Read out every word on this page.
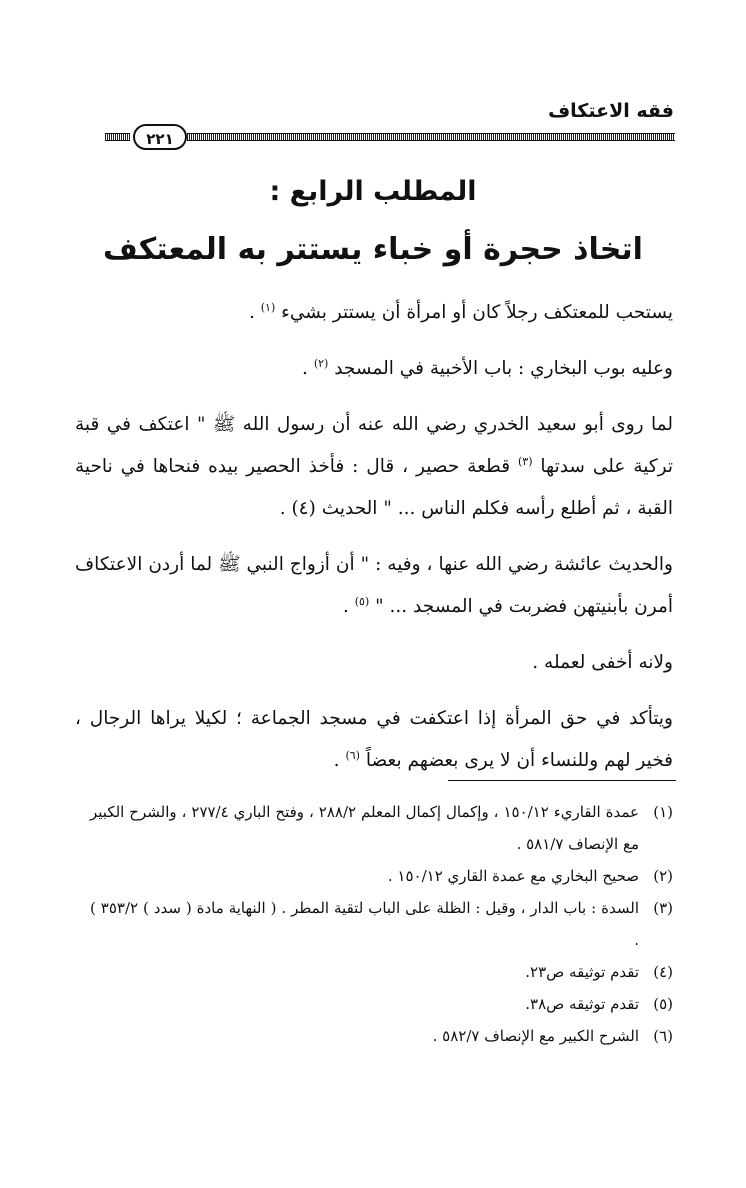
فقه الاعتكاف
٢٢١
المطلب الرابع :
اتخاذ حجرة أو خباء يستتر به المعتكف

يستحب للمعتكف رجلاً كان أو امرأة أن يستتر بشيء $^{(١)}$ .

وعليه بوب البخاري : باب الأخبية في المسجد $^{(٢)}$ .

لما روى أبو سعيد الخدري رضي الله عنه أن رسول الله ﷺ " اعتكف في قبة تركية على سدتها $^{(٣)}$ قطعة حصير ، قال : فأخذ الحصير بيده فنحاها في ناحية القبة ، ثم أطلع رأسه فكلم الناس ... " الحديث (٤) .

والحديث عائشة رضي الله عنها ، وفيه : " أن أزواج النبي ﷺ لما أردن الاعتكاف أمرن بأبنيتهن فضربت في المسجد ... " $^{(٥)}$ .

ولانه أخفى لعمله .

ويتأكد في حق المرأة إذا اعتكفت في مسجد الجماعة ؛ لكيلا يراها الرجال ، فخير لهم وللنساء أن لا يرى بعضهم بعضاً $^{(٦)}$ .

(١)
عمدة القاريء ١٥٠/١٢ ، وإكمال إكمال المعلم ٢٨٨/٢ ، وفتح الباري ٢٧٧/٤ ، والشرح الكبير مع الإنصاف ٥٨١/٧ .
(٢)
صحيح البخاري مع عمدة القاري ١٥٠/١٢ .
(٣)
السدة : باب الدار ، وقيل : الظلة على الباب لتقية المطر . ( النهاية مادة ( سدد ) ٣٥٣/٢ ) .
(٤)
تقدم توثيقه ص٢٣.
(٥)
تقدم توثيقه ص٣٨.
(٦)
الشرح الكبير مع الإنصاف ٥٨٢/٧ .
